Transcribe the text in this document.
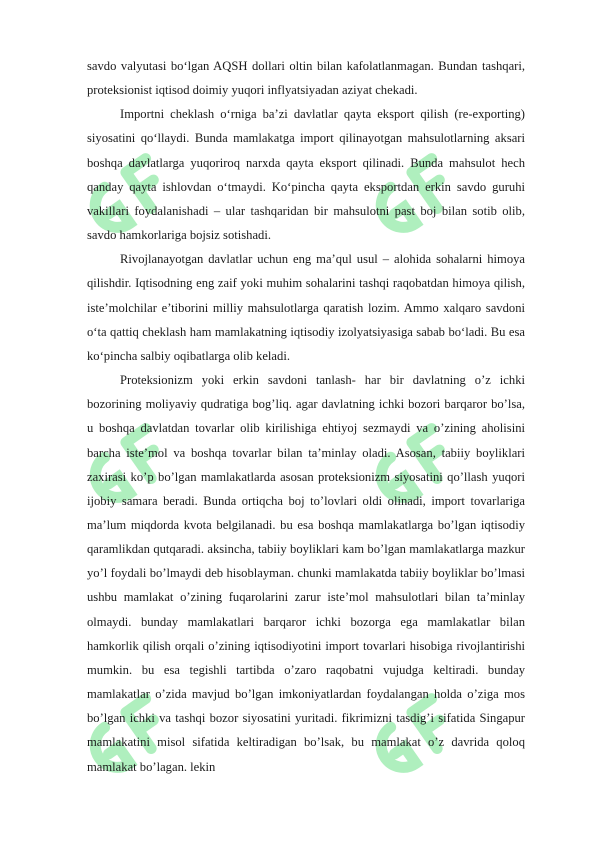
savdo valyutasi bo‘lgan AQSH dollari oltin bilan kafolatlanmagan. Bundan tashqari, proteksionist iqtisod doimiy yuqori inflyatsiyadan aziyat chekadi.

Importni cheklash o‘rniga ba’zi davlatlar qayta eksport qilish (re-exporting) siyosatini qo‘llaydi. Bunda mamlakatga import qilinayotgan mahsulotlarning aksari boshqa davlatlarga yuqoriroq narxda qayta eksport qilinadi. Bunda mahsulot hech qanday qayta ishlovdan o‘tmaydi. Ko‘pincha qayta eksportdan erkin savdo guruhi vakillari foydalanishadi – ular tashqaridan bir mahsulotni past boj bilan sotib olib, savdo hamkorlariga bojsiz sotishadi.

Rivojlanayotgan davlatlar uchun eng ma’qul usul – alohida sohalarni himoya qilishdir. Iqtisodning eng zaif yoki muhim sohalarini tashqi raqobatdan himoya qilish, iste’molchilar e’tiborini milliy mahsulotlarga qaratish lozim. Ammo xalqaro savdoni o‘ta qattiq cheklash ham mamlakatning iqtisodiy izolyatsiyasiga sabab bo‘ladi. Bu esa ko‘pincha salbiy oqibatlarga olib keladi.

Proteksionizm yoki erkin savdoni tanlash- har bir davlatning o’z ichki bozorining moliyaviy qudratiga bog’liq. agar davlatning ichki bozori barqaror bo’lsa, u boshqa davlatdan tovarlar olib kirilishiga ehtiyoj sezmaydi va o’zining aholisini barcha iste’mol va boshqa tovarlar bilan ta’minlay oladi. Asosan, tabiiy boyliklari zaxirasi ko’p bo’lgan mamlakatlarda asosan proteksionizm siyosatini qo’llash yuqori ijobiy samara beradi. Bunda ortiqcha boj to’lovlari oldi olinadi, import tovarlariga ma’lum miqdorda kvota belgilanadi. bu esa boshqa mamlakatlarga bo’lgan iqtisodiy qaramlikdan qutqaradi. aksincha, tabiiy boyliklari kam bo’lgan mamlakatlarga mazkur yo’l foydali bo’lmaydi deb hisoblayman. chunki mamlakatda tabiiy boyliklar bo’lmasi ushbu mamlakat o’zining fuqarolarini zarur iste’mol mahsulotlari bilan ta’minlay olmaydi. bunday mamlakatlari barqaror ichki bozorga ega mamlakatlar bilan hamkorlik qilish orqali o’zining iqtisodiyotini import tovarlari hisobiga rivojlantirishi mumkin. bu esa tegishli tartibda o’zaro raqobatni vujudga keltiradi. bunday mamlakatlar o’zida mavjud bo’lgan imkoniyatlardan foydalangan holda o’ziga mos bo’lgan ichki va tashqi bozor siyosatini yuritadi. fikrimizni tasdig’i sifatida Singapur mamlakatini misol sifatida keltiradigan bo’lsak, bu mamlakat o’z davrida qoloq mamlakat bo’lagan. lekin
